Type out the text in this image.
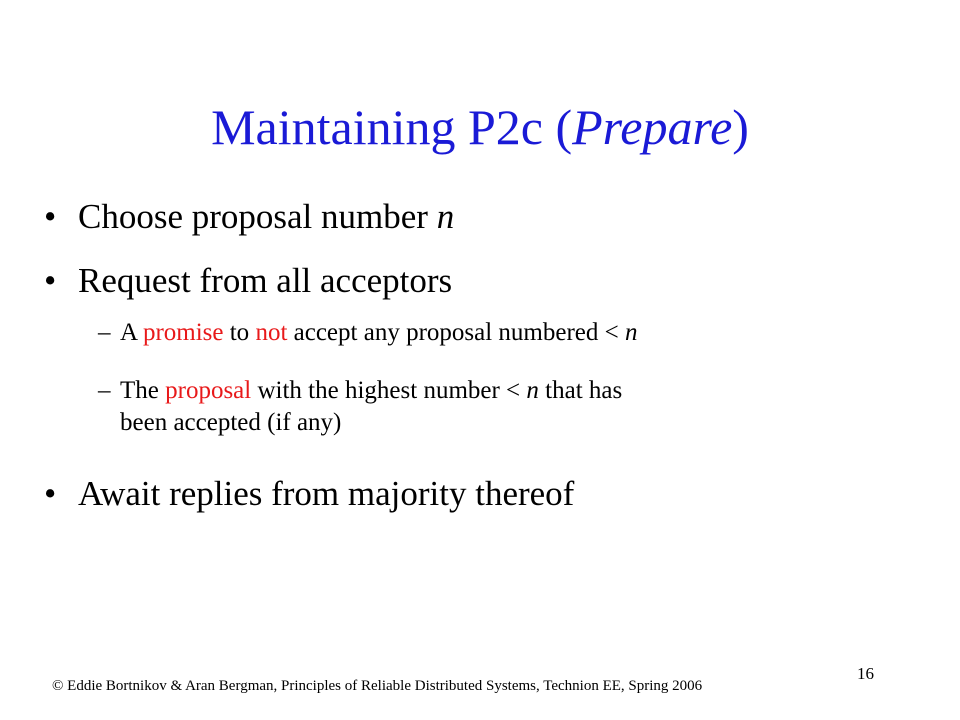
Maintaining P2c (Prepare)
• Choose proposal number n
• Request from all acceptors
– A promise to not accept any proposal numbered < n
– The proposal with the highest number < n that has
been accepted (if any)
• Await replies from majority thereof
16
© Eddie Bortnikov & Aran Bergman, Principles of Reliable Distributed Systems, Technion EE, Spring 2006
